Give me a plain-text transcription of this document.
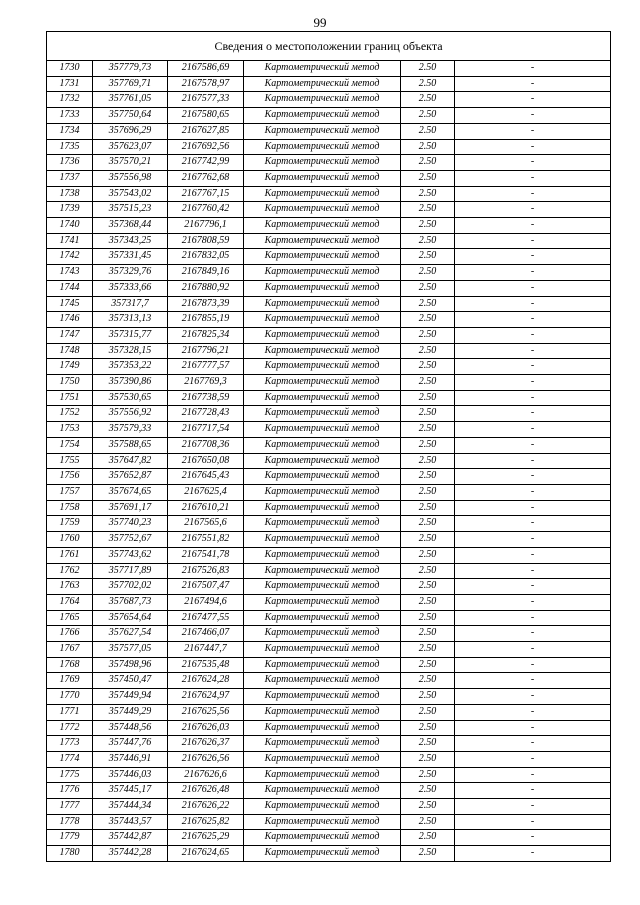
99
Сведения о местоположении границ объекта					
1730	357779,73	2167586,69	Картометрический метод	2.50	-
1731	357769,71	2167578,97	Картометрический метод	2.50	-
1732	357761,05	2167577,33	Картометрический метод	2.50	-
1733	357750,64	2167580,65	Картометрический метод	2.50	-
1734	357696,29	2167627,85	Картометрический метод	2.50	-
1735	357623,07	2167692,56	Картометрический метод	2.50	-
1736	357570,21	2167742,99	Картометрический метод	2.50	-
1737	357556,98	2167762,68	Картометрический метод	2.50	-
1738	357543,02	2167767,15	Картометрический метод	2.50	-
1739	357515,23	2167760,42	Картометрический метод	2.50	-
1740	357368,44	2167796,1	Картометрический метод	2.50	-
1741	357343,25	2167808,59	Картометрический метод	2.50	-
1742	357331,45	2167832,05	Картометрический метод	2.50	-
1743	357329,76	2167849,16	Картометрический метод	2.50	-
1744	357333,66	2167880,92	Картометрический метод	2.50	-
1745	357317,7	2167873,39	Картометрический метод	2.50	-
1746	357313,13	2167855,19	Картометрический метод	2.50	-
1747	357315,77	2167825,34	Картометрический метод	2.50	-
1748	357328,15	2167796,21	Картометрический метод	2.50	-
1749	357353,22	2167777,57	Картометрический метод	2.50	-
1750	357390,86	2167769,3	Картометрический метод	2.50	-
1751	357530,65	2167738,59	Картометрический метод	2.50	-
1752	357556,92	2167728,43	Картометрический метод	2.50	-
1753	357579,33	2167717,54	Картометрический метод	2.50	-
1754	357588,65	2167708,36	Картометрический метод	2.50	-
1755	357647,82	2167650,08	Картометрический метод	2.50	-
1756	357652,87	2167645,43	Картометрический метод	2.50	-
1757	357674,65	2167625,4	Картометрический метод	2.50	-
1758	357691,17	2167610,21	Картометрический метод	2.50	-
1759	357740,23	2167565,6	Картометрический метод	2.50	-
1760	357752,67	2167551,82	Картометрический метод	2.50	-
1761	357743,62	2167541,78	Картометрический метод	2.50	-
1762	357717,89	2167526,83	Картометрический метод	2.50	-
1763	357702,02	2167507,47	Картометрический метод	2.50	-
1764	357687,73	2167494,6	Картометрический метод	2.50	-
1765	357654,64	2167477,55	Картометрический метод	2.50	-
1766	357627,54	2167466,07	Картометрический метод	2.50	-
1767	357577,05	2167447,7	Картометрический метод	2.50	-
1768	357498,96	2167535,48	Картометрический метод	2.50	-
1769	357450,47	2167624,28	Картометрический метод	2.50	-
1770	357449,94	2167624,97	Картометрический метод	2.50	-
1771	357449,29	2167625,56	Картометрический метод	2.50	-
1772	357448,56	2167626,03	Картометрический метод	2.50	-
1773	357447,76	2167626,37	Картометрический метод	2.50	-
1774	357446,91	2167626,56	Картометрический метод	2.50	-
1775	357446,03	2167626,6	Картометрический метод	2.50	-
1776	357445,17	2167626,48	Картометрический метод	2.50	-
1777	357444,34	2167626,22	Картометрический метод	2.50	-
1778	357443,57	2167625,82	Картометрический метод	2.50	-
1779	357442,87	2167625,29	Картометрический метод	2.50	-
1780	357442,28	2167624,65	Картометрический метод	2.50	-
